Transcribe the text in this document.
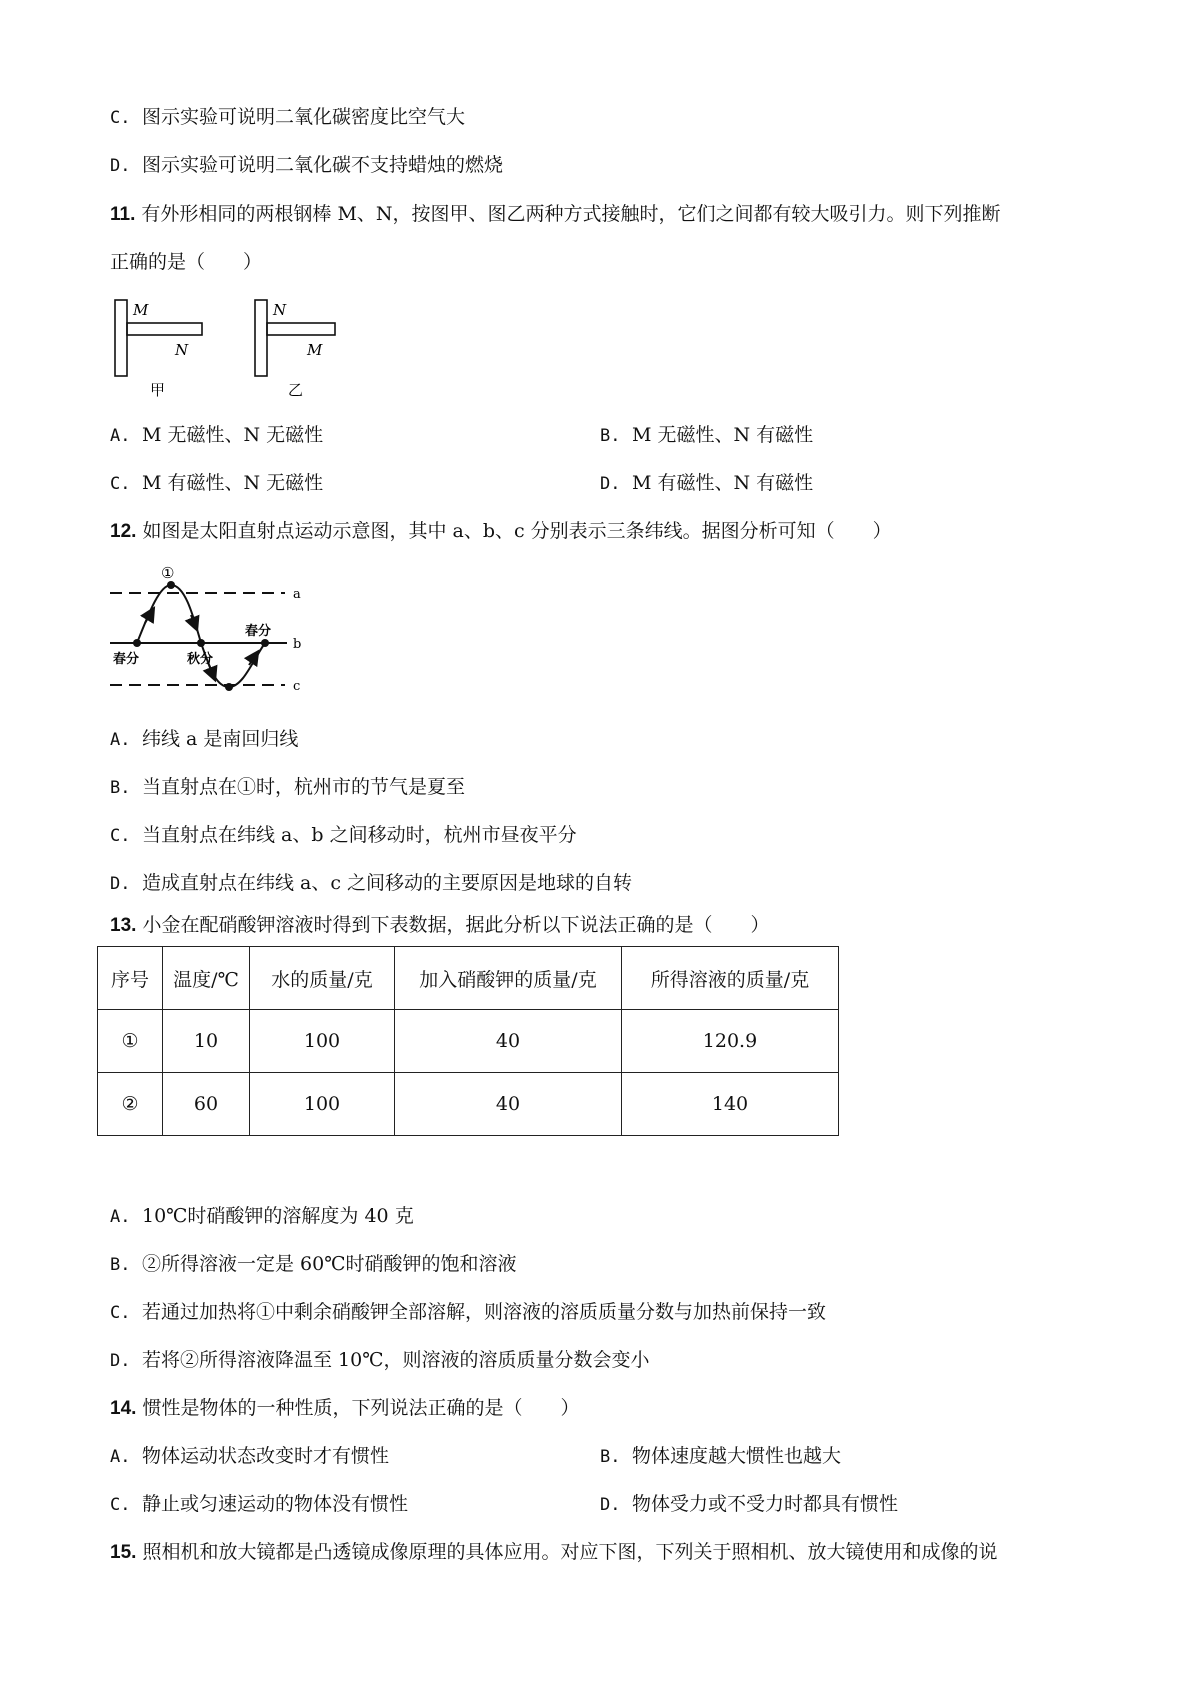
C. 图示实验可说明二氧化碳密度比空气大
D. 图示实验可说明二氧化碳不支持蜡烛的燃烧
11. 有外形相同的两根钢棒 M、N，按图甲、图乙两种方式接触时，它们之间都有较大吸引力。则下列推断
正确的是（　　）
M
N
甲
N
M
乙
A. M 无磁性、N 无磁性	B. M 无磁性、N 有磁性
C. M 有磁性、N 无磁性	D. M 有磁性、N 有磁性
12. 如图是太阳直射点运动示意图，其中 a、b、c 分别表示三条纬线。据图分析可知（　　）
a
b
c
①
春分	秋分
春分
A. 纬线 a 是南回归线
B. 当直射点在①时，杭州市的节气是夏至
C. 当直射点在纬线 a、b 之间移动时，杭州市昼夜平分
D. 造成直射点在纬线 a、c 之间移动的主要原因是地球的自转
13. 小金在配硝酸钾溶液时得到下表数据，据此分析以下说法正确的是（　　）
序号	温度/℃	水的质量/克	加入硝酸钾的质量/克	所得溶液的质量/克
①	10	100	40	120.9
②	60	100	40	140
A. 10℃时硝酸钾的溶解度为 40 克
B. ②所得溶液一定是 60℃时硝酸钾的饱和溶液
C. 若通过加热将①中剩余硝酸钾全部溶解，则溶液的溶质质量分数与加热前保持一致
D. 若将②所得溶液降温至 10℃，则溶液的溶质质量分数会变小
14. 惯性是物体的一种性质，下列说法正确的是（　　）
A. 物体运动状态改变时才有惯性	B. 物体速度越大惯性也越大
C. 静止或匀速运动的物体没有惯性	D. 物体受力或不受力时都具有惯性
15. 照相机和放大镜都是凸透镜成像原理的具体应用。对应下图，下列关于照相机、放大镜使用和成像的说
